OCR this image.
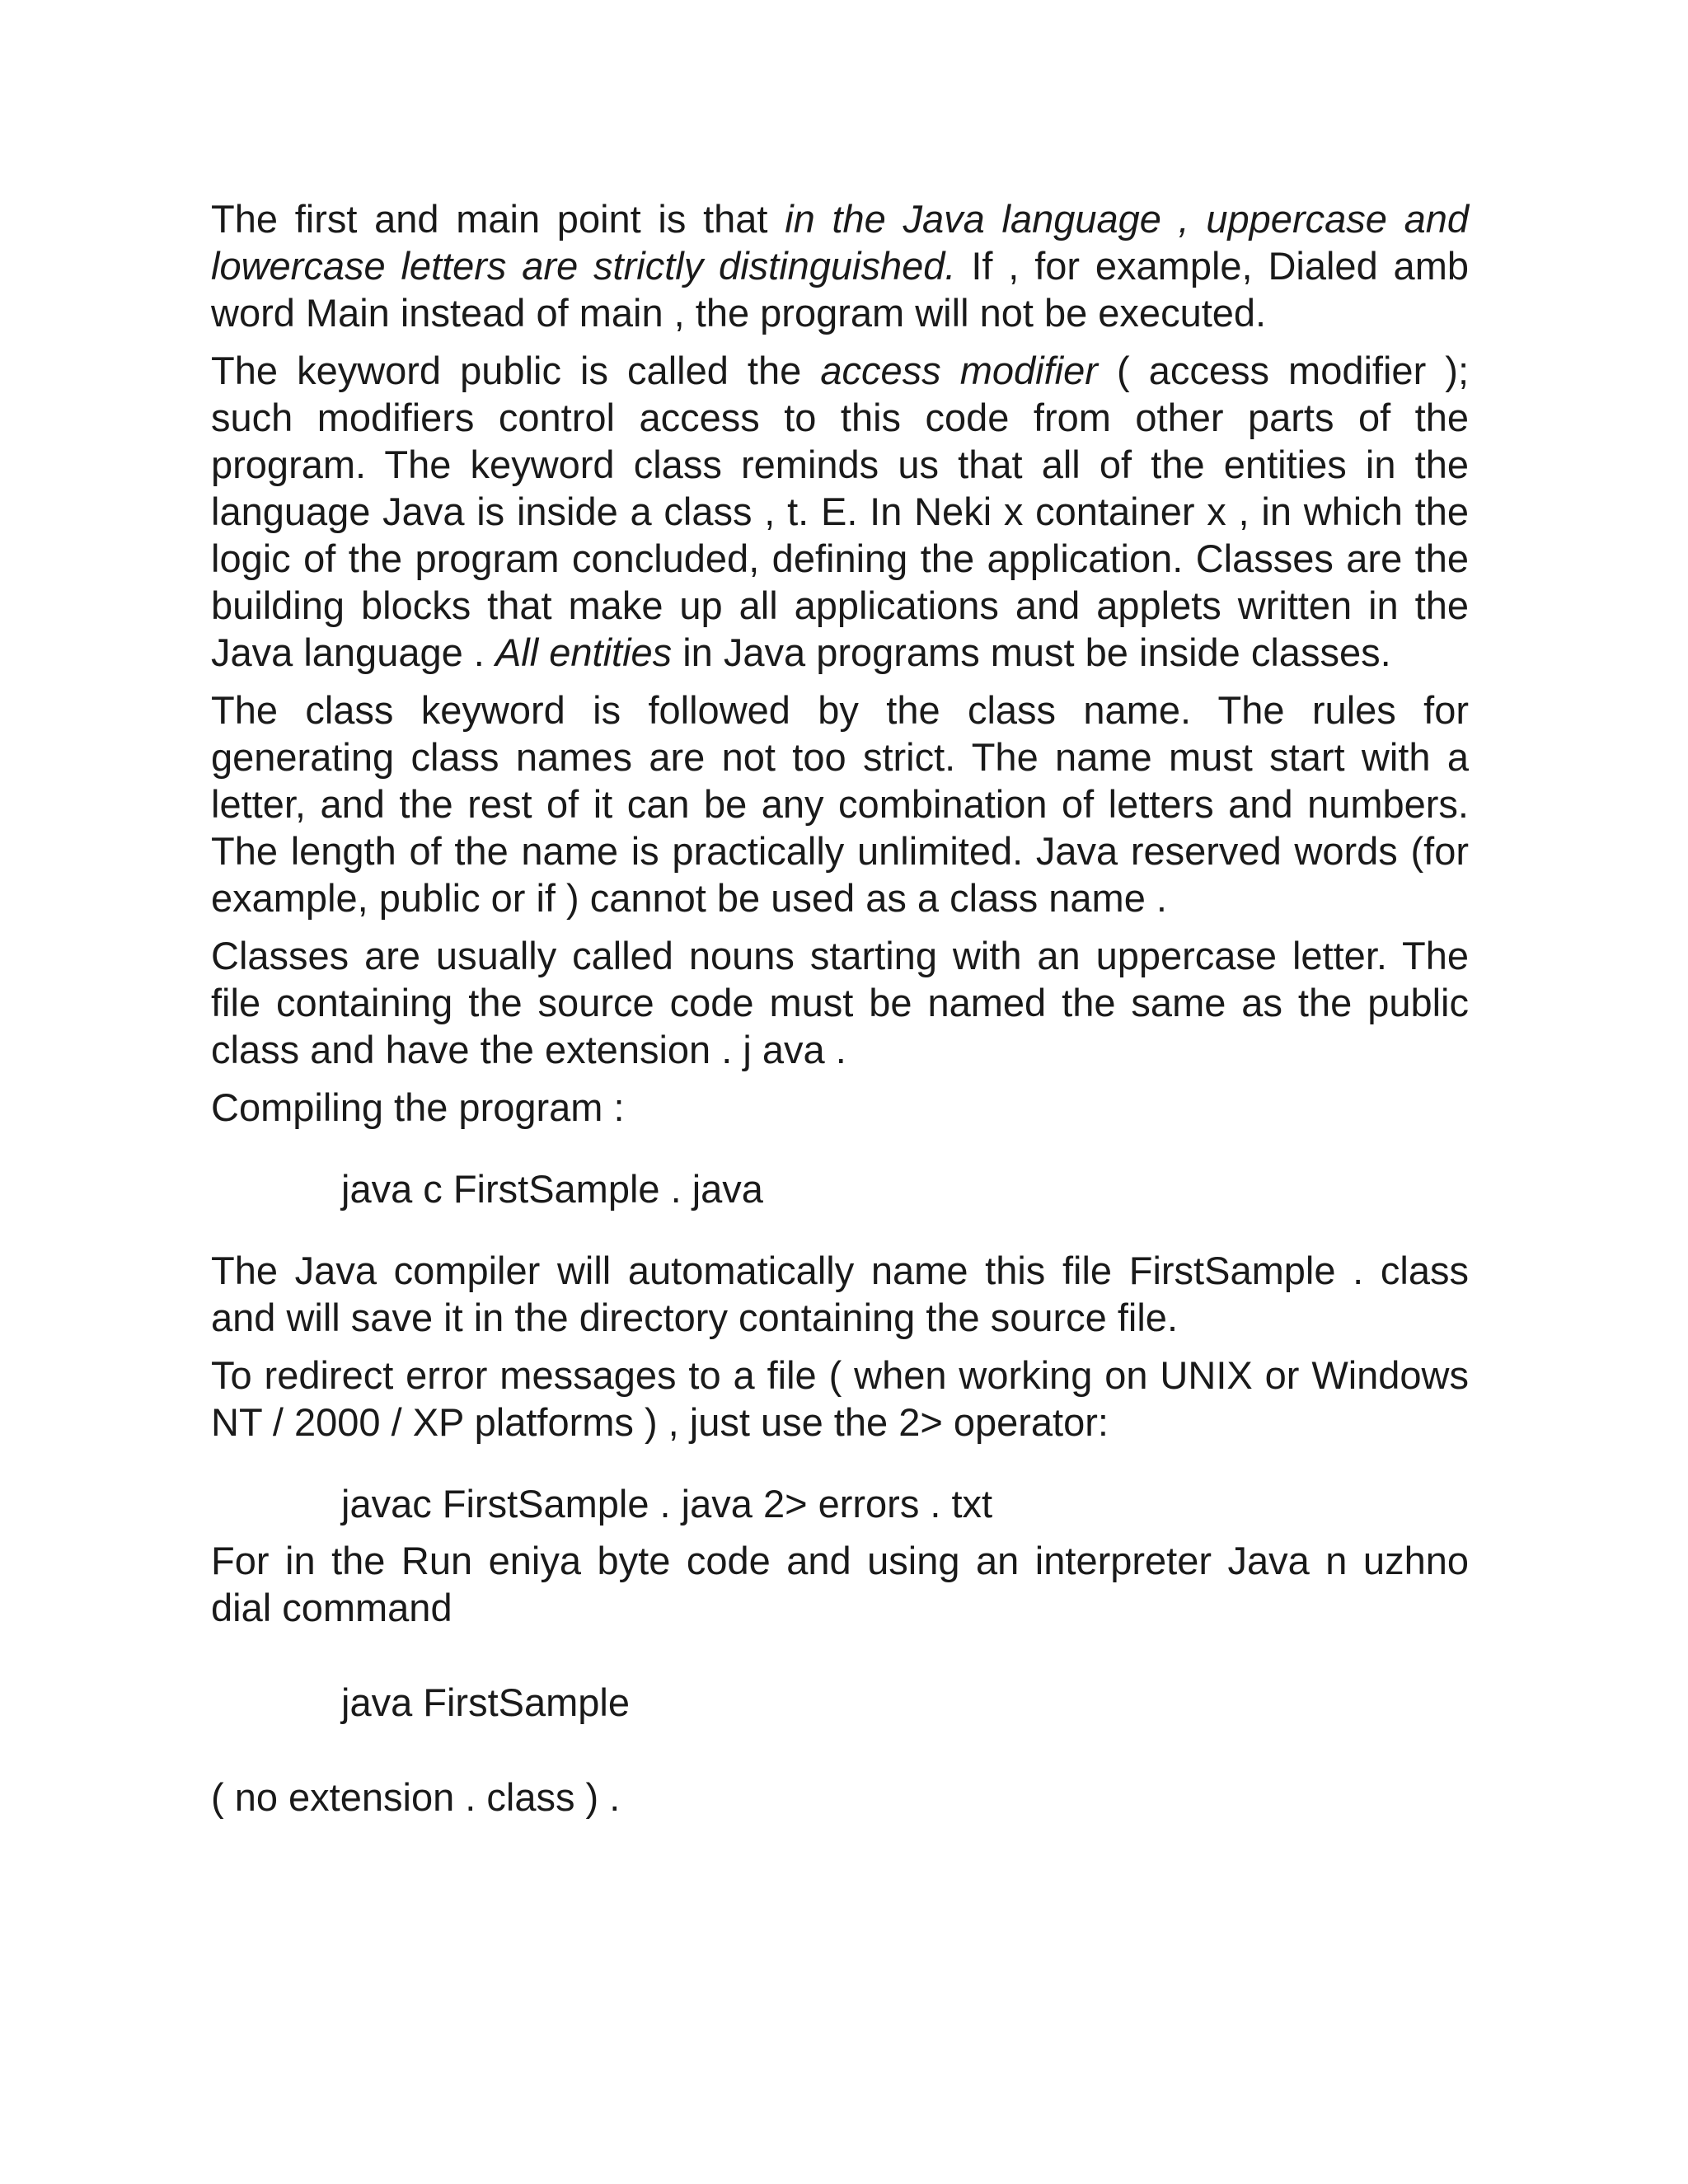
The first and main point is that in the Java language , uppercase and lowercase letters are strictly distinguished. If , for example, Dialed amb word Main instead of main , the program will not be executed.

The keyword public is called the access modifier ( access modifier ); such modifiers control access to this code from other parts of the program. The keyword class reminds us that all of the entities in the language Java is inside a class , t. E. In Neki x container x , in which the logic of the program concluded, defining the application. Classes are the building blocks that make up all applications and applets written in the Java language . All entities in Java programs must be inside classes.

The class keyword is followed by the class name. The rules for generating class names are not too strict. The name must start with a letter, and the rest of it can be any combination of letters and numbers. The length of the name is practically unlimited. Java reserved words (for example, public or if ) cannot be used as a class name .

Classes are usually called nouns starting with an uppercase letter. The file containing the source code must be named the same as the public class and have the extension . j ava .

Compiling the program :

java c FirstSample . java

The Java compiler will automatically name this file FirstSample . class and will save it in the directory containing the source file.

To redirect error messages to a file ( when working on UNIX or Windows NT / 2000 / XP platforms ) , just use the 2> operator:

javac FirstSample . java 2> errors . txt

For in the Run eniya byte code and using an interpreter Java n uzhno dial command

java FirstSample

( no extension . class ) .
